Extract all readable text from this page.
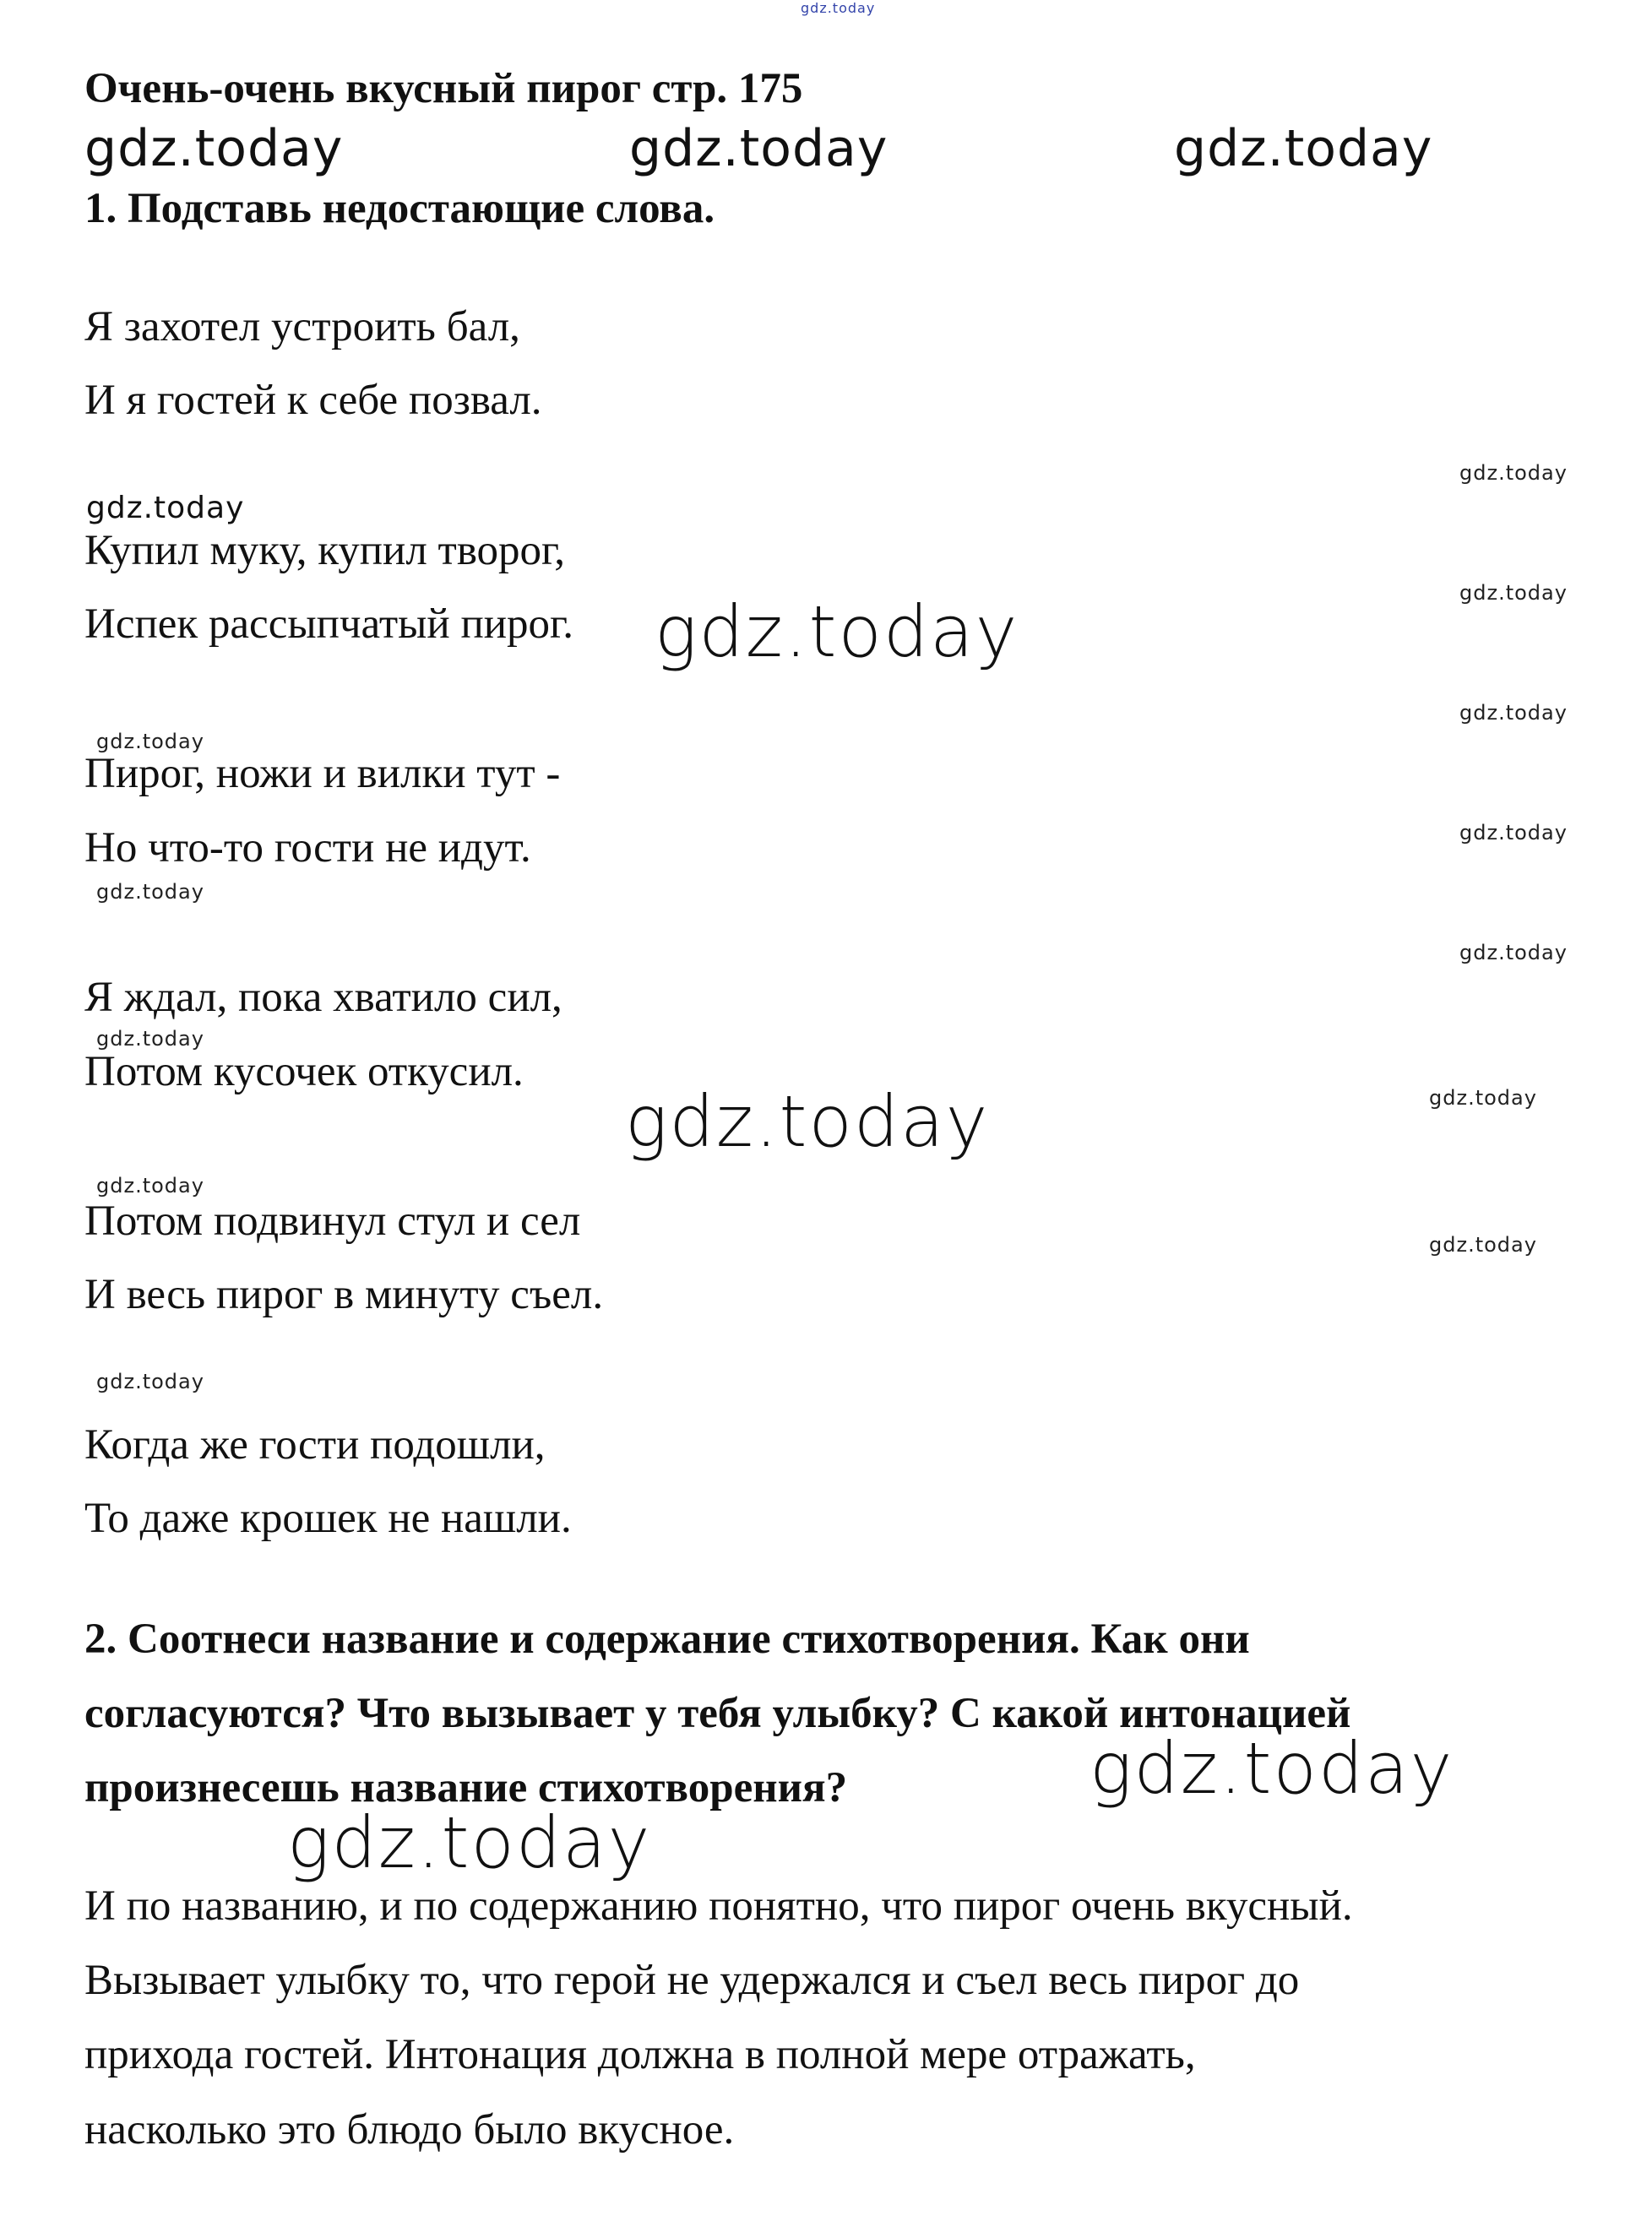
gdz.today
gdz.today	gdz.today	gdz.today
gdz.today
gdz.today
gdz.today
gdz.today
gdz.today
gdz.today
gdz.today
gdz.today
gdz.today
gdz.today
gdz.today	gdz.today
gdz.today
gdz.today
gdz.today
gdz.today
gdz.today
Очень-очень вкусный пирог стр. 175
1. Подставь недостающие слова.
Я захотел устроить бал,
И я гостей к себе позвал.
Купил муку, купил творог,
Испек рассыпчатый пирог.
Пирог, ножи и вилки тут -
Но что-то гости не идут.
Я ждал, пока хватило сил,
Потом кусочек откусил.
Потом подвинул стул и сел
И весь пирог в минуту съел.
Когда же гости подошли,
То даже крошек не нашли.
2. Соотнеси название и содержание стихотворения. Как они
согласуются? Что вызывает у тебя улыбку? С какой интонацией
произнесешь название стихотворения?
И по названию, и по содержанию понятно, что пирог очень вкусный.
Вызывает улыбку то, что герой не удержался и съел весь пирог до
прихода гостей. Интонация должна в полной мере отражать,
насколько это блюдо было вкусное.
